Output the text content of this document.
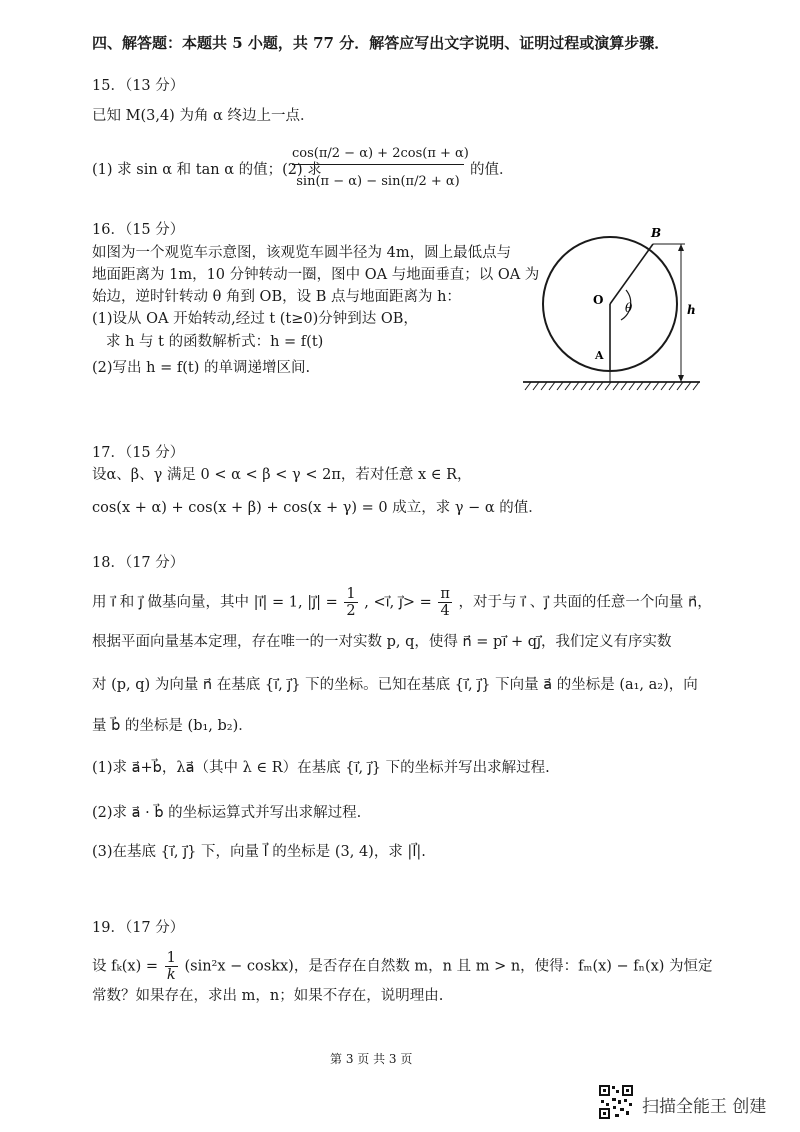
四、解答题：本题共 5 小题，共 77 分．解答应写出文字说明、证明过程或演算步骤．
15．（13 分）
已知 M(3,4) 为角 α 终边上一点．
(1) 求 sin α 和 tan α 的值；(2) 求
cos(π/2 − α) + 2cos(π + α)
sin(π − α) − sin(π/2 + α)
的值．
16．（15 分）
如图为一个观览车示意图，该观览车圆半径为 4m，圆上最低点与
地面距离为 1m，10 分钟转动一圈，图中 OA 与地面垂直；以 OA 为
始边，逆时针转动 θ 角到 OB，设 B 点与地面距离为 h：
(1)设从 OA 开始转动,经过 t (t≥0)分钟到达 OB，
求 h 与 t 的函数解析式：h = f(t)
(2)写出 h = f(t) 的单调递增区间.
B
O
A
θ	h
17．（15 分）
设α、β、γ 满足 0 < α < β < γ < 2π，若对任意 x ∈ R，
cos(x + α) + cos(x + β) + cos(x + γ) = 0 成立，求 γ − α 的值．
18．（17 分）
用 i⃗ 和 j⃗ 做基向量，其中 |i⃗| = 1, |j⃗| = $\frac{1}{2}$ , <i⃗, j⃗> = $\frac{\pi}{4}$ ，对于与 i⃗ 、j⃗ 共面的任意一个向量 n⃗，
根据平面向量基本定理，存在唯一的一对实数 p, q，使得 n⃗ = pi⃗ + qj⃗，我们定义有序实数
对 (p, q) 为向量 n⃗ 在基底 {i⃗, j⃗} 下的坐标。已知在基底 {i⃗, j⃗} 下向量 a⃗ 的坐标是 (a₁, a₂)，向
量 b⃗ 的坐标是 (b₁, b₂)．
(1)求 a⃗+b⃗，λa⃗（其中 λ ∈ R）在基底 {i⃗, j⃗} 下的坐标并写出求解过程.
(2)求 a⃗ · b⃗ 的坐标运算式并写出求解过程.
(3)在基底 {i⃗, j⃗} 下，向量 l⃗ 的坐标是 (3, 4)，求 |l⃗|.
19．（17 分）
设 $f_k(x) = \frac{1}{k} (\sin^2x$ − coskx)，是否存在自然数 m，n 且 m > n，使得：fₘ(x) − fₙ(x) 为恒定
常数？如果存在，求出 m，n；如果不存在，说明理由.
第 3 页 共 3 页
扫描全能王 创建
